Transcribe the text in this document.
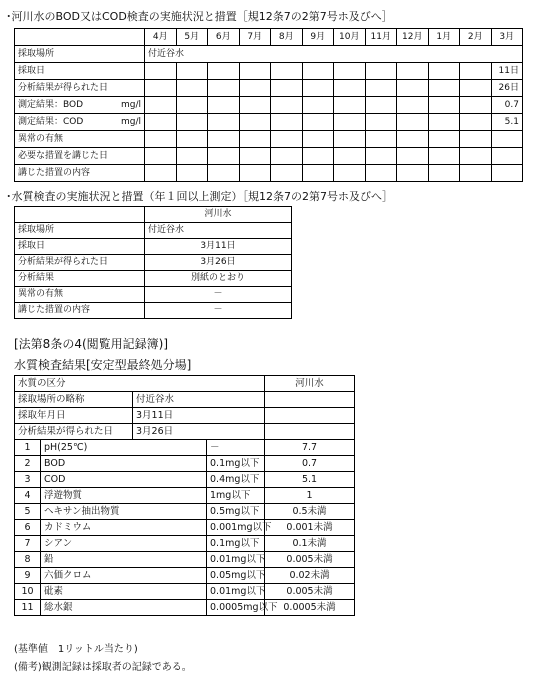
･河川水のBOD又はCOD検査の実施状況と措置［規12条7の2第7号ホ及びへ］
	4月	5月	6月	7月	8月	9月	10月	11月	12月	1月	2月	3月
採取場所	付近谷水											
採取日												11日
分析結果が得られた日												26日
測定結果：BOD mg/l												0.7
測定結果：COD mg/l												5.1
異常の有無												
必要な措置を講じた日												
講じた措置の内容												
･水質検査の実施状況と措置（年１回以上測定）［規12条7の2第7号ホ及びへ］
	河川水
採取場所	付近谷水
採取日	3月11日
分析結果が得られた日	3月26日
分析結果	別紙のとおり
異常の有無	－
講じた措置の内容	－
[法第8条の4(閲覧用記録簿)]
水質検査結果[安定型最終処分場]
水質の区分				河川水
採取場所の略称		付近谷水		
採取年月日		3月11日		
分析結果が得られた日		3月26日		
1	pH(25℃)		－	7.7
2	BOD		0.1mg以下	0.7
3	COD		0.4mg以下	5.1
4	浮遊物質		1mg以下	1
5	ヘキサン抽出物質		0.5mg以下	0.5未満
6	カドミウム		0.001mg以下	0.001未満
7	シアン		0.1mg以下	0.1未満
8	鉛		0.01mg以下	0.005未満
9	六価クロム		0.05mg以下	0.02未満
10	砒素		0.01mg以下	0.005未満
11	総水銀		0.0005mg以下	0.0005未満
(基準値　1リットル当たり)
(備考)観測記録は採取者の記録である。
